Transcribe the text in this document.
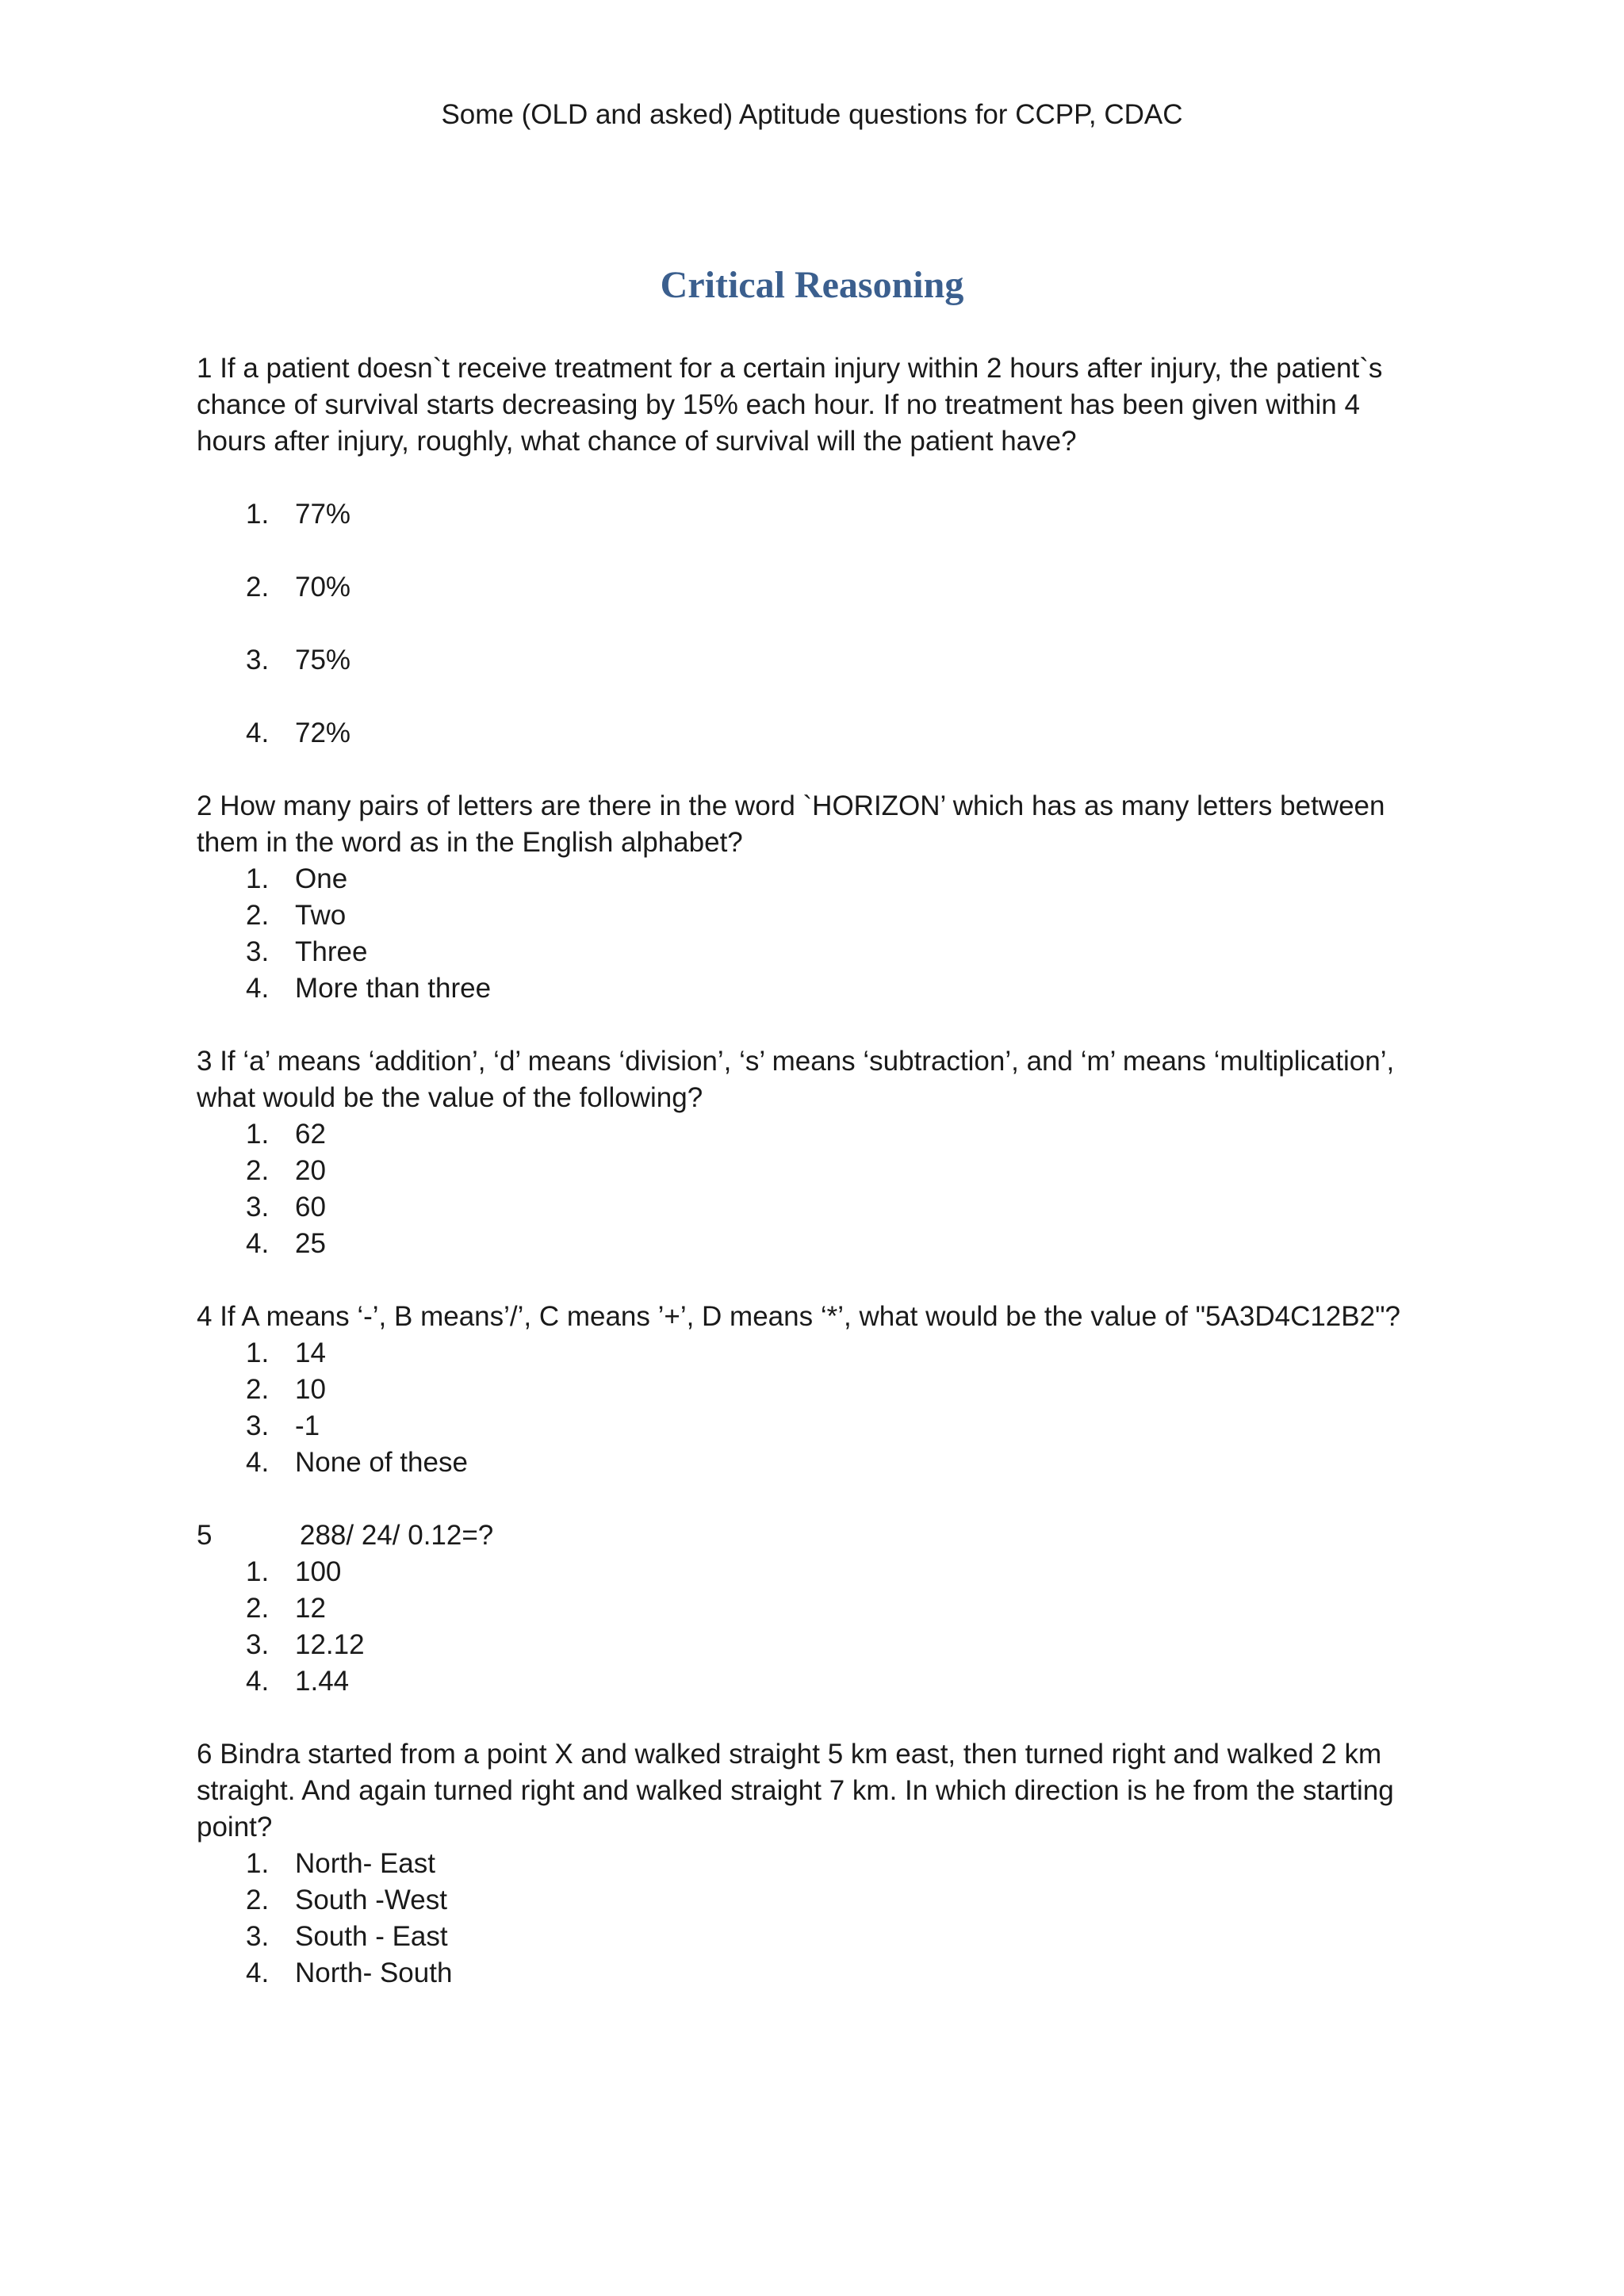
Some (OLD and asked) Aptitude questions for CCPP, CDAC
Critical Reasoning

1 If a patient doesn`t receive treatment for a certain injury within 2 hours after injury, the patient`s chance of survival starts decreasing by 15% each hour. If no treatment has been given within 4 hours after injury, roughly, what chance of survival will the patient have?

1. 77%
2. 70%
3. 75%
4. 72%

2 How many pairs of letters are there in the word `HORIZON’ which has as many letters between them in the word as in the English alphabet?

1. One
2. Two
3. Three
4. More than three

3 If ‘a’ means ‘addition’, ‘d’ means ‘division’, ‘s’ means ‘subtraction’, and ‘m’ means ‘multiplication’, what would be the value of the following?

1. 62
2. 20
3. 60
4. 25

4 If A means ‘-’, B means’/’, C means ’+’, D means ‘*’, what would be the value of "5A3D4C12B2"?

1. 14
2. 10
3. -1
4. None of these
5	288/ 24/ 0.12=?
1. 100
2. 12
3. 12.12
4. 1.44

6 Bindra started from a point X and walked straight 5 km east, then turned right and walked 2 km straight. And again turned right and walked straight 7 km. In which direction is he from the starting point?

1. North- East
2. South -West
3. South - East
4. North- South
